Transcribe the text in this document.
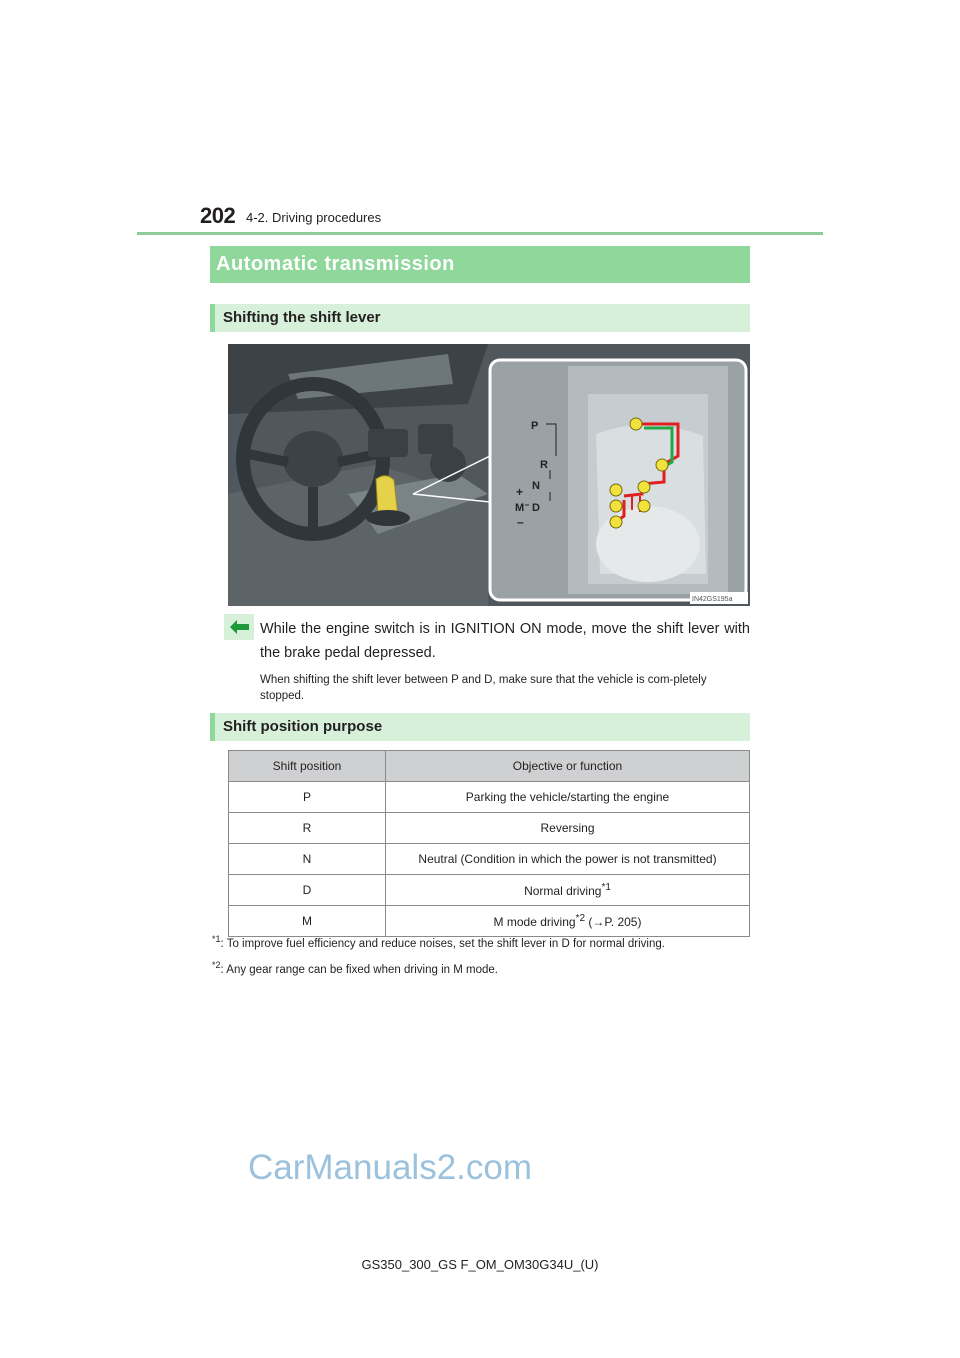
202 4-2. Driving procedures
Automatic transmission
Shifting the shift lever
P
R
N
D
M
+
–
IN42GS195a
While the engine switch is in IGNITION ON mode, move the shift lever with the brake pedal depressed.
When shifting the shift lever between P and D, make sure that the vehicle is com-pletely stopped.
Shift position purpose
Shift position	Objective or function
P	Parking the vehicle/starting the engine
R	Reversing
N	Neutral (Condition in which the power is not transmitted)
D	Normal driving$^{*1}$
M	M mode driving$^{*2}$ (→P. 205)
$^{*1}$: To improve fuel efficiency and reduce noises, set the shift lever in D for normal driving.
$^{*2}$: Any gear range can be fixed when driving in M mode.
CarManuals2.com
GS350_300_GS F_OM_OM30G34U_(U)
